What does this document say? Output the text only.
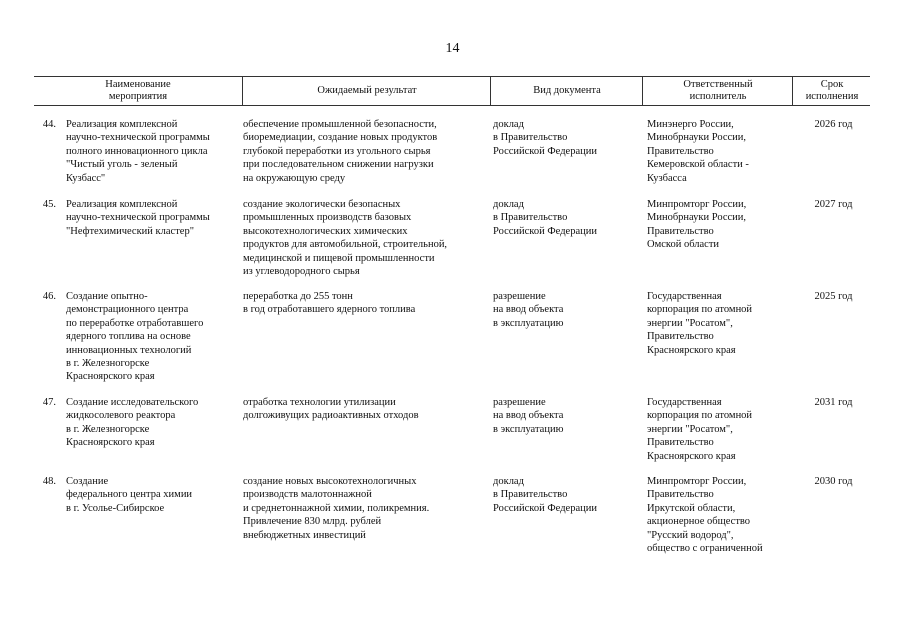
14
Наименование
мероприятия
Ожидаемый результат	Вид документа
Ответственный
исполнитель
Срок
исполнения
44. Реализация комплексной
научно-технической программы
полного инновационного цикла
"Чистый уголь - зеленый
Кузбасс"
обеспечение промышленной безопасности,
биоремедиации, создание новых продуктов
глубокой переработки из угольного сырья
при последовательном снижении нагрузки
на окружающую среду
доклад
в Правительство
Российской Федерации
Минэнерго России,
Минобрнауки России,
Правительство
Кемеровской области -
Кузбасса
2026 год
45. Реализация комплексной
научно-технической программы
"Нефтехимический кластер"
создание экологически безопасных
промышленных производств базовых
высокотехнологических химических
продуктов для автомобильной, строительной,
медицинской и пищевой промышленности
из углеводородного сырья
доклад
в Правительство
Российской Федерации
Минпромторг России,
Минобрнауки России,
Правительство
Омской области
2027 год
46. Создание опытно-
демонстрационного центра
по переработке отработавшего
ядерного топлива на основе
инновационных технологий
в г. Железногорске
Красноярского края
переработка до 255 тонн
в год отработавшего ядерного топлива
разрешение
на ввод объекта
в эксплуатацию
Государственная
корпорация по атомной
энергии "Росатом",
Правительство
Красноярского края
2025 год
47. Создание исследовательского
жидкосолевого реактора
в г. Железногорске
Красноярского края
отработка технологии утилизации
долгоживущих радиоактивных отходов
разрешение
на ввод объекта
в эксплуатацию
Государственная
корпорация по атомной
энергии "Росатом",
Правительство
Красноярского края
2031 год
48. Создание
федерального центра химии
в г. Усолье-Сибирское
создание новых высокотехнологичных
производств малотоннажной
и среднетоннажной химии, поликремния.
Привлечение 830 млрд. рублей
внебюджетных инвестиций
доклад
в Правительство
Российской Федерации
Минпромторг России,
Правительство
Иркутской области,
акционерное общество
"Русский водород",
общество с ограниченной
2030 год
